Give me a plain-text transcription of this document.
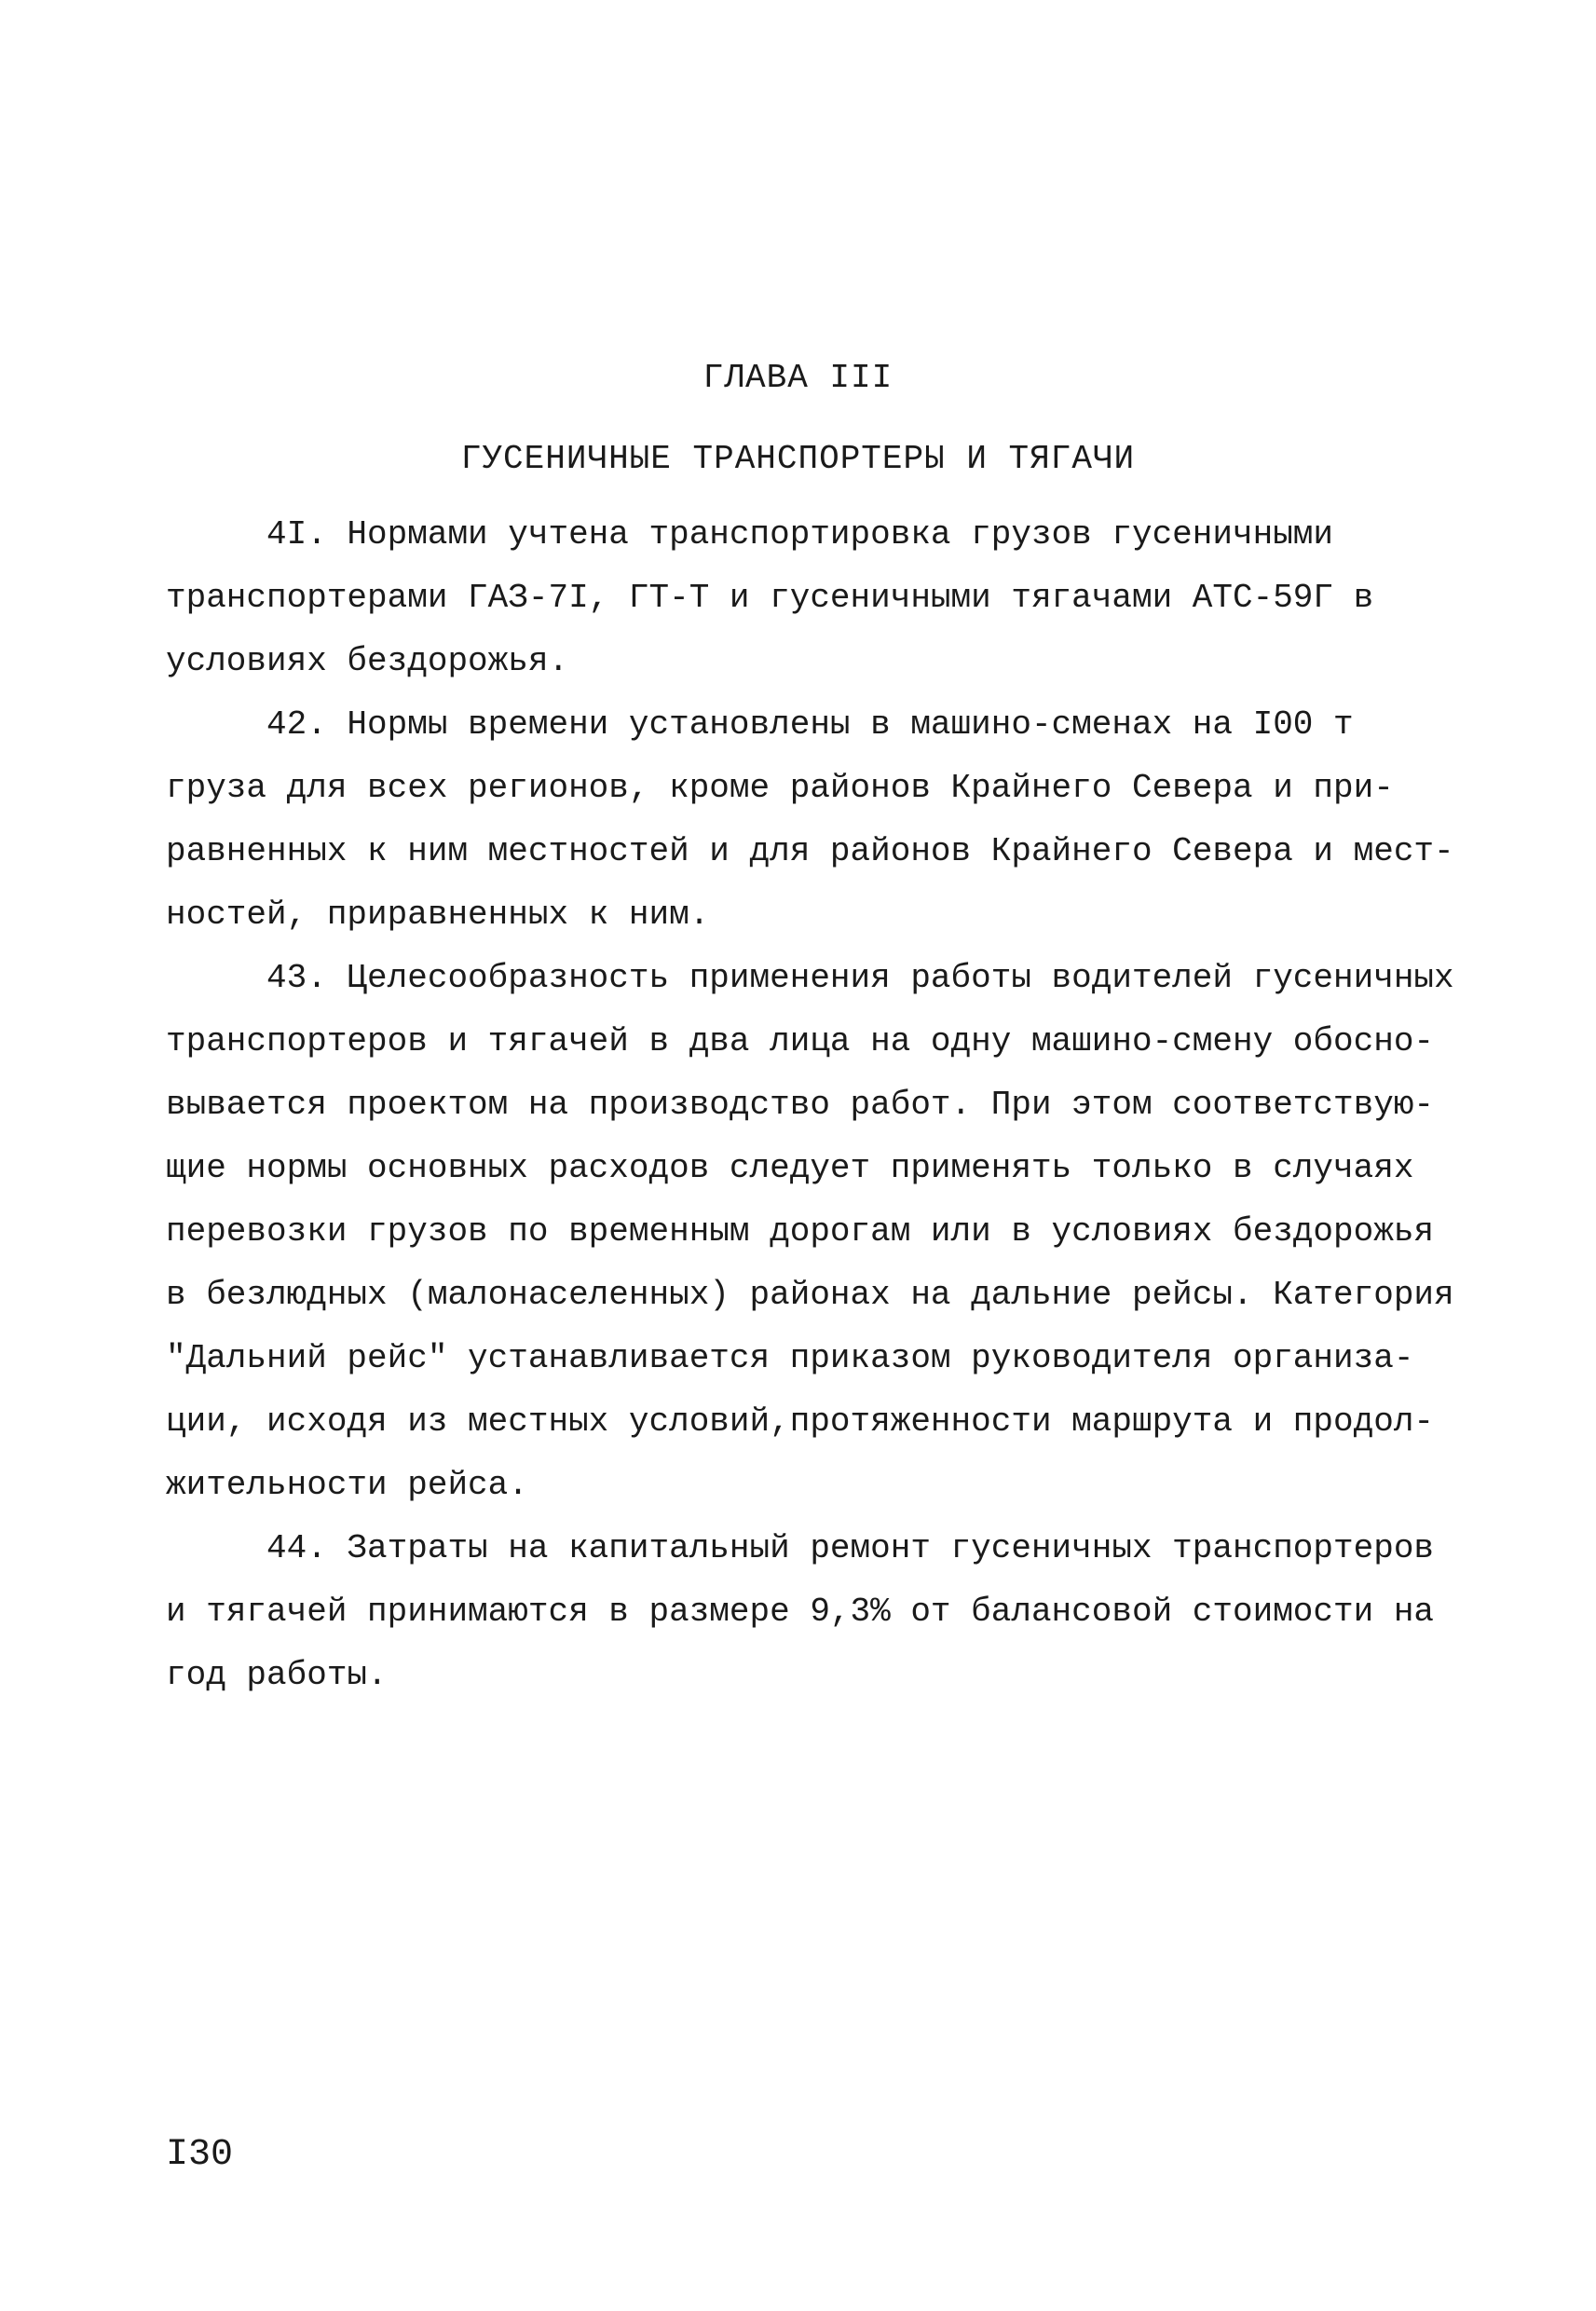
ГЛАВА III
ГУСЕНИЧНЫЕ ТРАНСПОРТЕРЫ И ТЯГАЧИ

4I. Нормами учтена транспортировка грузов гусеничными
транспортерами ГАЗ-7I, ГТ-Т и гусеничными тягачами АТС-59Г в
условиях бездорожья.

42. Нормы времени установлены в машино-сменах на I00 т
груза для всех регионов, кроме районов Крайнего Севера и при-
равненных к ним местностей и для районов Крайнего Севера и мест-
ностей, приравненных к ним.

43. Целесообразность применения работы водителей гусеничных
транспортеров и тягачей в два лица на одну машино-смену обосно-
вывается проектом на производство работ. При этом соответствую-
щие нормы основных расходов следует применять только в случаях
перевозки грузов по временным дорогам или в условиях бездорожья
в безлюдных (малонаселенных) районах на дальние рейсы. Категория
"Дальний рейс" устанавливается приказом руководителя организа-
ции, исходя из местных условий,протяженности маршрута и продол-
жительности рейса.

44. Затраты на капитальный ремонт гусеничных транспортеров
и тягачей принимаются в размере 9,3% от балансовой стоимости на
год работы.

I30
